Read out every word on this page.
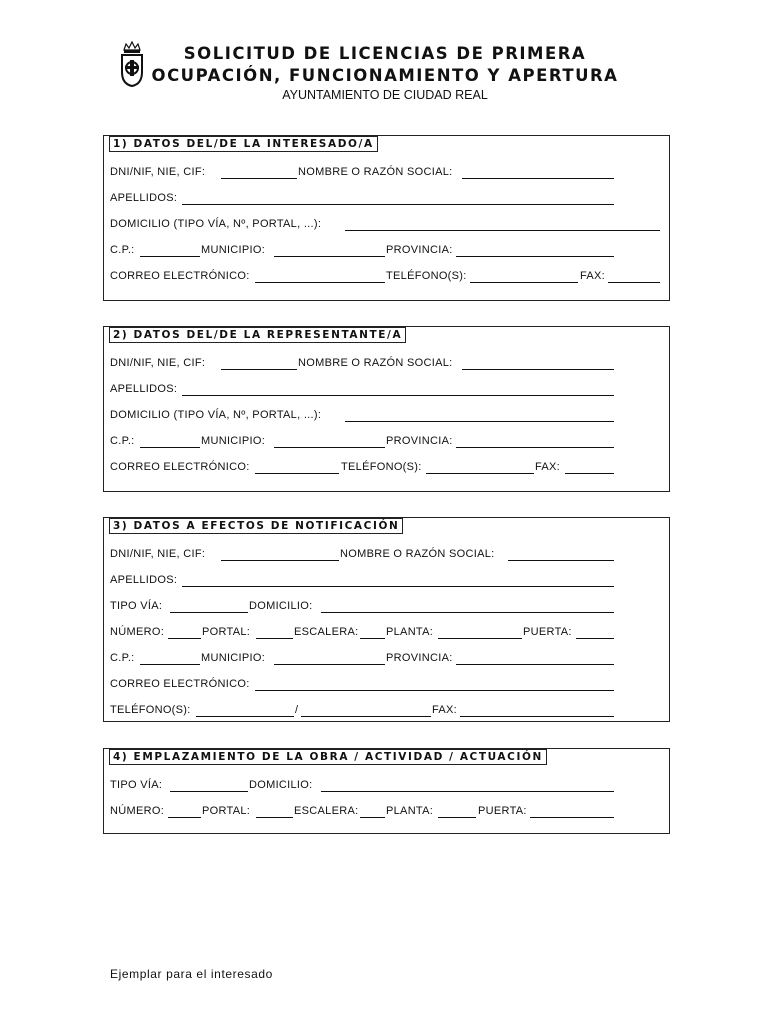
SOLICITUD DE LICENCIAS DE PRIMERA
OCUPACIÓN, FUNCIONAMIENTO Y APERTURA
AYUNTAMIENTO DE CIUDAD REAL
1) DATOS DEL/DE LA INTERESADO/A
DNI/NIF, NIE, CIF:	NOMBRE O RAZÓN SOCIAL:
APELLIDOS:
DOMICILIO (TIPO VÍA, Nº, PORTAL, ...):
C.P.:	MUNICIPIO:	PROVINCIA:
CORREO ELECTRÓNICO:	TELÉFONO(S):	FAX:
2) DATOS DEL/DE LA REPRESENTANTE/A
DNI/NIF, NIE, CIF:	NOMBRE O RAZÓN SOCIAL:
APELLIDOS:
DOMICILIO (TIPO VÍA, Nº, PORTAL, ...):
C.P.:	MUNICIPIO:	PROVINCIA:
CORREO ELECTRÓNICO:	TELÉFONO(S):	FAX:
3) DATOS A EFECTOS DE NOTIFICACIÓN
DNI/NIF, NIE, CIF:	NOMBRE O RAZÓN SOCIAL:
APELLIDOS:
TIPO VÍA:	DOMICILIO:
NÚMERO:	PORTAL:	ESCALERA:	PLANTA:	PUERTA:
C.P.:	MUNICIPIO:	PROVINCIA:
CORREO ELECTRÓNICO:
TELÉFONO(S):	/	FAX:
4) EMPLAZAMIENTO DE LA OBRA / ACTIVIDAD / ACTUACIÓN
TIPO VÍA:	DOMICILIO:
NÚMERO:	PORTAL:	ESCALERA:	PLANTA:	PUERTA:
Ejemplar para el interesado
